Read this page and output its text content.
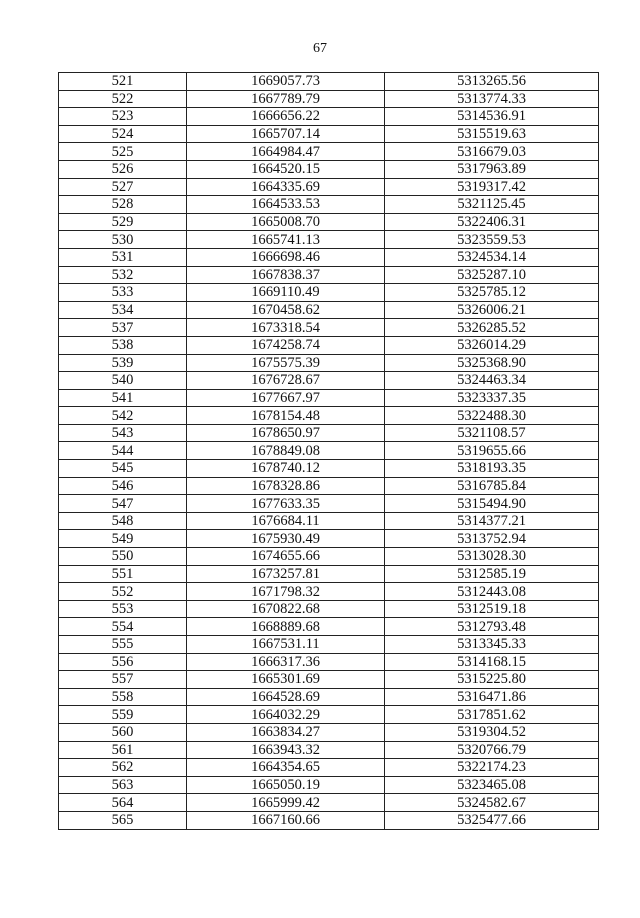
67
521	1669057.73	5313265.56
522	1667789.79	5313774.33
523	1666656.22	5314536.91
524	1665707.14	5315519.63
525	1664984.47	5316679.03
526	1664520.15	5317963.89
527	1664335.69	5319317.42
528	1664533.53	5321125.45
529	1665008.70	5322406.31
530	1665741.13	5323559.53
531	1666698.46	5324534.14
532	1667838.37	5325287.10
533	1669110.49	5325785.12
534	1670458.62	5326006.21
537	1673318.54	5326285.52
538	1674258.74	5326014.29
539	1675575.39	5325368.90
540	1676728.67	5324463.34
541	1677667.97	5323337.35
542	1678154.48	5322488.30
543	1678650.97	5321108.57
544	1678849.08	5319655.66
545	1678740.12	5318193.35
546	1678328.86	5316785.84
547	1677633.35	5315494.90
548	1676684.11	5314377.21
549	1675930.49	5313752.94
550	1674655.66	5313028.30
551	1673257.81	5312585.19
552	1671798.32	5312443.08
553	1670822.68	5312519.18
554	1668889.68	5312793.48
555	1667531.11	5313345.33
556	1666317.36	5314168.15
557	1665301.69	5315225.80
558	1664528.69	5316471.86
559	1664032.29	5317851.62
560	1663834.27	5319304.52
561	1663943.32	5320766.79
562	1664354.65	5322174.23
563	1665050.19	5323465.08
564	1665999.42	5324582.67
565	1667160.66	5325477.66
